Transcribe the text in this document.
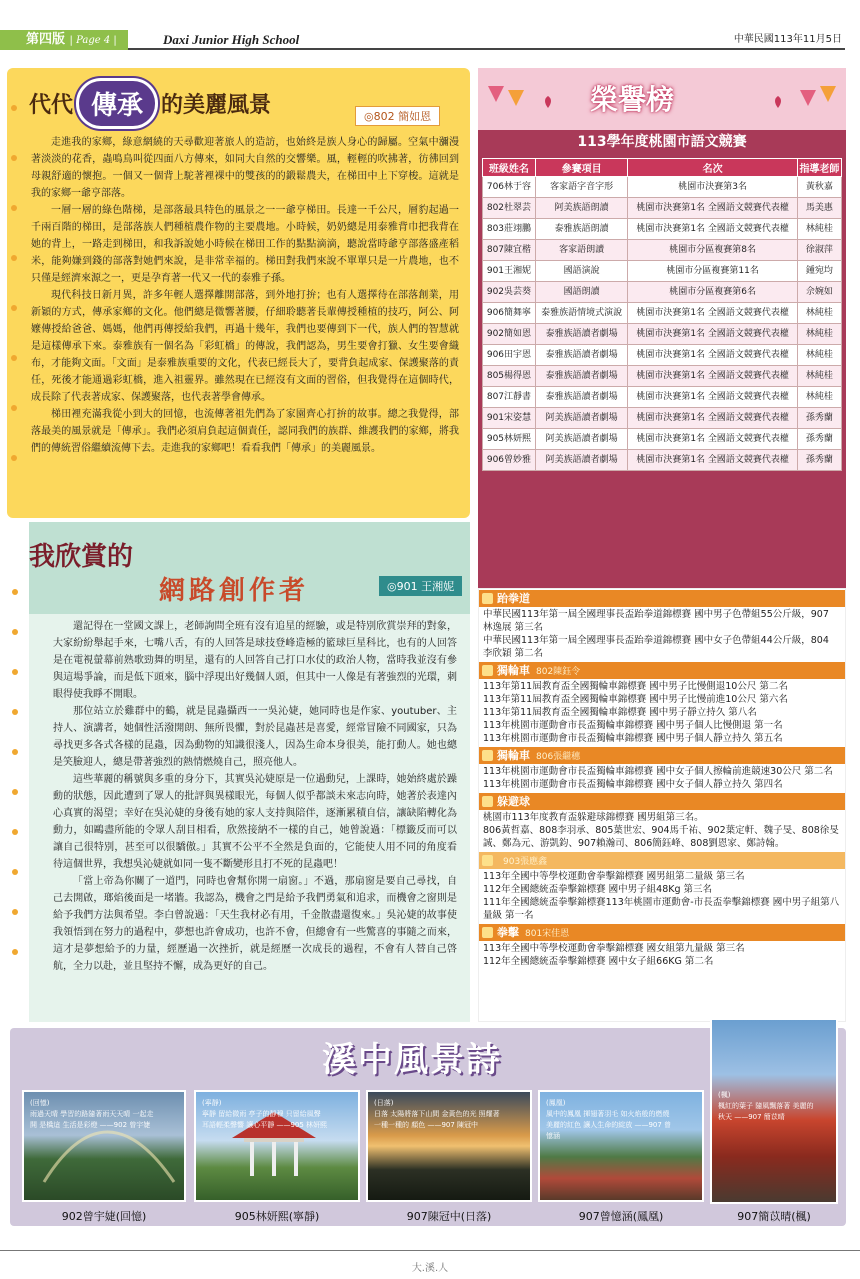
第四版 | Page 4 |	Daxi Junior High School	中華民國113年11月5日
代代 傳承 的美麗風景	◎802 簡如恩

走進我的家鄉，綠意網繞的天尋歡迎著旅人的造訪，也始終是族人身心的歸屬。空氣中瀰漫著淡淡的花香，蟲鳴鳥叫從四面八方傳來，如同大自然的交響樂。風，輕輕的吹拂著，彷彿回到母親舒適的懷抱。一個又一個背上駝著裡裸中的雙孩的的鍛鬆農夫，在梯田中上下穿梭。這就是我的家鄉一爺亨部落。

一層一層的綠色階梯，是部落最具特色的風景之一一爺亨梯田。長達一千公尺，層豹起過一千兩百階的梯田，是部落族人們種植農作物的主要農地。小時候，奶奶總是用泰雅背巾把我背在她的背上，一路走到梯田，和我訴說她小時候在梯田工作的點點滴滴，聽說當時爺亨部落盛產稻米，能夠嫌到錢的部落對她們來說，是非常幸福的。梯田對我們來說不單單只是一片農地，也不只僅是經濟來源之一，更是孕育著一代又一代的泰雅子孫。

現代科技日新月異，許多年輕人選擇離開部落，到外地打拚；也有人選擇待在部落創業，用新穎的方式，傳承家鄉的文化。他們總是微響著腰，仔細聆聽著長輩傳授種植的技巧，阿公、阿嬤傳授給爸爸、媽媽，他們再傳授給我們，再過十幾年，我們也要傳到下一代，族人們的智慧就是這樣傳承下來。泰雅族有一個名為「彩虹橋」的傳說，我們認為，男生要會打獵、女生要會織布，才能夠文面。「文面」是泰雅族重要的文化，代表已經長大了，要背負起成家、保護聚落的責任，死後才能通過彩虹橋，進入祖靈界。雖然現在已經沒有文面的習俗，但我覺得在這個時代，成長除了代表著成家、保護聚落，也代表著學會傳承。

梯田裡充滿我從小到大的回憶，也流傳著祖先們為了家園齊心打拚的故事。總之我覺得，部落最美的風景就是「傳承」。我們必須肩負起這個責任，認同我們的族群、維護我們的家鄉，將我們的傳統習俗繼續流傳下去。走進我的家鄉吧！看看我們「傳承」的美麗風景。

我欣賞的
網路創作者	◎901 王湘妮

還記得在一堂國文課上，老師詢問全班有沒有追星的經驗，或是特別欣賞崇拜的對象，大家紛紛舉起手來，七嘴八舌，有的人回答是球技登峰造極的籃球巨星科比，也有的人回答是在電視螢幕前熟歌勁舞的明星，還有的人回答自己打口水仗的政治人物，當時我並沒有參與這場爭論，而是低下頭來，腦中浮現出好幾個人頭，但其中一人像是有著強烈的光環，刺眼得使我睜不開眼。

那位站立於雞群中的鶴，就是昆蟲攝西一一吳沁婕，她同時也是作家、youtuber、主持人、演講者，她個性活潑開朗、無所畏懼，對於昆蟲甚是喜愛，經常冒險不同國家，只為尋找更多各式各樣的昆蟲，因為動物的知識很淺人，因為生命本身很美，能打動人。她也總是笑臉迎人，總是帶著強烈的熱情燃燒自己，照亮他人。

這些華麗的稱號與多重的身分下，其實吳沁婕原是一位過動兒，上課時，她始終處於躁動的狀態，因此遭到了眾人的批評與異樣眼光，每個人似乎都談未來志向時，她著於表達內心真實的渴望；幸好在吳沁婕的身後有她的家人支持與陪伴，逐漸累積自信，讓缺陷轉化為動力，如鷗盡所能的令眾人刮目相看，欣然接納不一樣的自己，她曾說過：「標籤反而可以讓自己很特別，甚至可以很驕傲。」其實不公平不全然是負面的，它能使人用不同的角度看待這個世界，我想吳沁婕就如同一隻不斷變形且打不死的昆蟲吧！

「當上帝為你關了一道門，同時也會幫你開一扇窗。」不過，那扇窗是要自己尋找，自己去開啟，瑯焰後面是一堵牆。我認為，機會之門是給予我們勇氣和追求，而機會之窗則是給予我們方法與希望。李白曾說過：「天生我材必有用，千金散盡還復來。」吳沁婕的故事使我領悟到在努力的過程中，夢想也許會成功，也許不會，但總會有一些驚喜的事隨之而來，這才是夢想給予的力量，經歷過一次挫折，就是經歷一次成長的過程，不會有人替自己啓航，全力以赴，並且堅持不懈，成為更好的自己。

榮譽榜
113學年度桃園市語文競賽
班級姓名	參賽項目	名次	指導老師
706林于容	客家語字音字形	桃園市決賽第3名	黃秋嘉
802杜翠芸	阿美族語朗讀	桃園市決賽第1名 全國語文競賽代表權	馬美惠
803莊翊鵬	泰雅族語朗讀	桃園市決賽第1名 全國語文競賽代表權	林純桂
807陳宜楷	客家語朗讀	桃園市分區複賽第8名	徐淑萍
901王湘妮	國語演說	桃園市分區複賽第11名	鍾宛均
902吳芸葵	國語朗讀	桃園市分區複賽第6名	佘婉如
906簡舞寧	泰雅族語情境式演說	桃園市決賽第1名 全國語文競賽代表權	林純桂
902簡如恩	泰雅族語讀者劇場	桃園市決賽第1名 全國語文競賽代表權	林純桂
906田宇恩	泰雅族語讀者劇場	桃園市決賽第1名 全國語文競賽代表權	林純桂
805楊得恩	泰雅族語讀者劇場	桃園市決賽第1名 全國語文競賽代表權	林純桂
807江靜書	泰雅族語讀者劇場	桃園市決賽第1名 全國語文競賽代表權	林純桂
901宋姿慧	阿美族語讀者劇場	桃園市決賽第1名 全國語文競賽代表權	孫秀蘭
905林妍熙	阿美族語讀者劇場	桃園市決賽第1名 全國語文競賽代表權	孫秀蘭
906曾妙雅	阿美族語讀者劇場	桃園市決賽第1名 全國語文競賽代表權	孫秀蘭
跆拳道
中華民國113年第一屆全國理事長盃跆拳道錦標賽 國中男子色帶組55公斤級，907 林逸展 第三名
中華民國113年第一屆全國理事長盃跆拳道錦標賽 國中女子色帶組44公斤級，804 李欣穎 第二名
獨輪車 802陳鈺令
113年第11屆教育盃全國獨輪車錦標賽 國中男子比慢側退10公尺 第二名
113年第11屆教育盃全國獨輪車錦標賽 國中男子比慢前進10公尺 第六名
113年第11屆教育盃全國獨輪車錦標賽 國中男子靜立持久 第八名
113年桃園市運動會市長盃獨輪車錦標賽 國中男子個人比慢側退 第一名
113年桃園市運動會市長盃獨輪車錦標賽 國中男子個人靜立持久 第五名
獨輪車 806張繼穗
113年桃園市運動會市長盃獨輪車錦標賽 國中女子個人擦輪前進競速30公尺 第二名
113年桃園市運動會市長盃獨輪車錦標賽 國中女子個人靜立持久 第四名
躲避球
桃園市113年度教育盃躲避球錦標賽 國男組第三名。
806黃哲嘉、808李羽承、805葉世宏、904馬千祐、902葉定軒、魏子旻、808徐旻誠、鄭為元、游凱鈞、907賴瀚司、806簡鈺峰、808劉恩家、鄭詩翰。
903張應鑫
113年全國中等學校運動會拳擊錦標賽 國男組第二量級 第三名
112年全國總統盃拳擊錦標賽 國中男子組48Kg 第三名
111年全國總統盃拳擊錦標賽113年桃園市運動會-市長盃拳擊錦標賽 國中男子組第八量級 第一名
拳擊 801宋佳恩
113年全國中等學校運動會拳擊錦標賽 國女組第九量級 第三名
112年全國總統盃拳擊錦標賽 國中女子組66KG 第二名
溪中風景詩
(回憶)
雨過天晴 學習的路隨著雨天天晴 一起走開 是橋這 生活是彩燈 ——902 曾宇婕
(寧靜)
寧靜 留給微雨 亭子的靜穆 只留給風聲 耳語輕柔聲響 讓心平靜 ——905 林妍熙
(日落)
日落 太陽將落下山間 金黃色的光 照耀著 一種一種的 顏色 ——907 陳冠中
(鳳凰)
風中的鳳凰 揮翅著羽毛 如火焰般的燃燒 美麗的紅色 讓人生命的綻放 ——907 曾憶涵
(楓)
楓紅的葉子 隨風飄落著 美麗的 秋天 ——907 簡苡晴
902曾宇婕(回憶)	905林妍熙(寧靜)	907陳冠中(日落)	907曾憶涵(鳳凰)	907簡苡晴(楓)
大.溪.人
